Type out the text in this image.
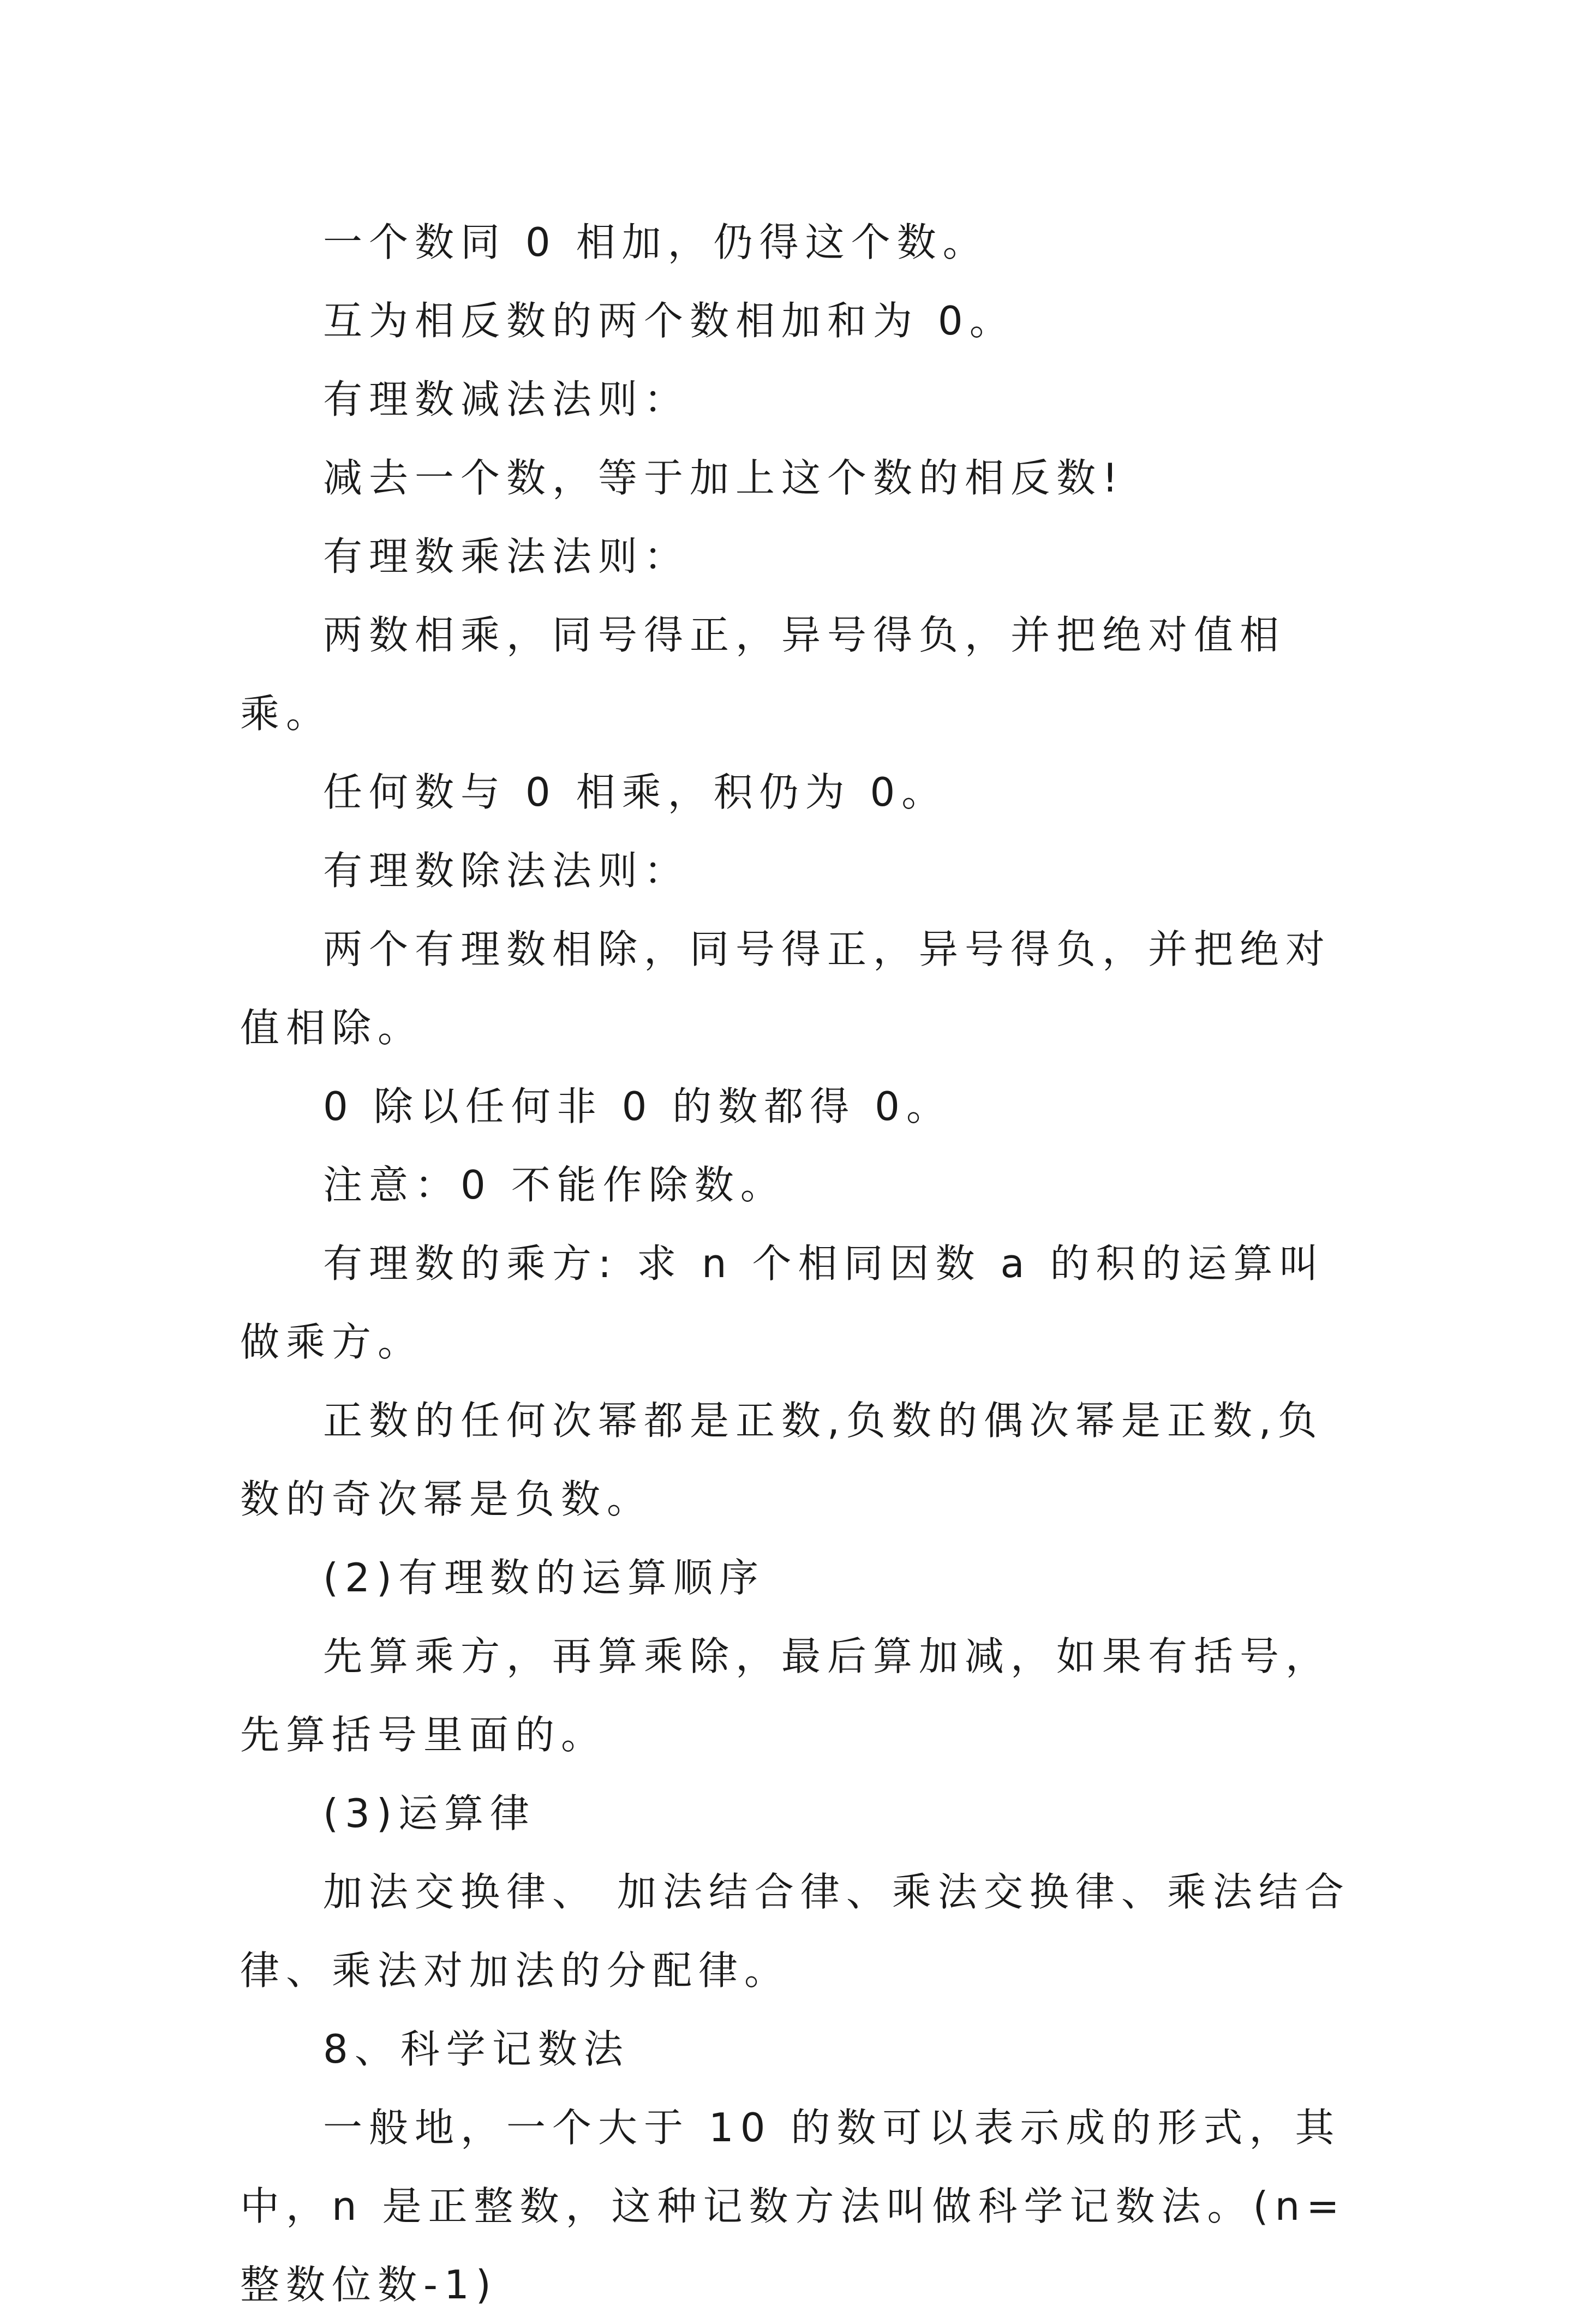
一个数同 0 相加，仍得这个数。

互为相反数的两个数相加和为 0。

有理数减法法则：

减去一个数，等于加上这个数的相反数!

有理数乘法法则：

两数相乘，同号得正，异号得负，并把绝对值相乘。

任何数与 0 相乘，积仍为 0。

有理数除法法则：

两个有理数相除，同号得正，异号得负，并把绝对值相除。

0 除以任何非 0 的数都得 0。

注意：0 不能作除数。

有理数的乘方: 求 n 个相同因数 a 的积的运算叫做乘方。

正数的任何次幂都是正数,负数的偶次幂是正数,负数的奇次幂是负数。

(2)有理数的运算顺序

先算乘方，再算乘除，最后算加减，如果有括号，先算括号里面的。

(3)运算律

加法交换律、 加法结合律、乘法交换律、乘法结合律、乘法对加法的分配律。

8、科学记数法

一般地，一个大于 10 的数可以表示成的形式，其中，n 是正整数，这种记数方法叫做科学记数法。(n=整数位数-1)
